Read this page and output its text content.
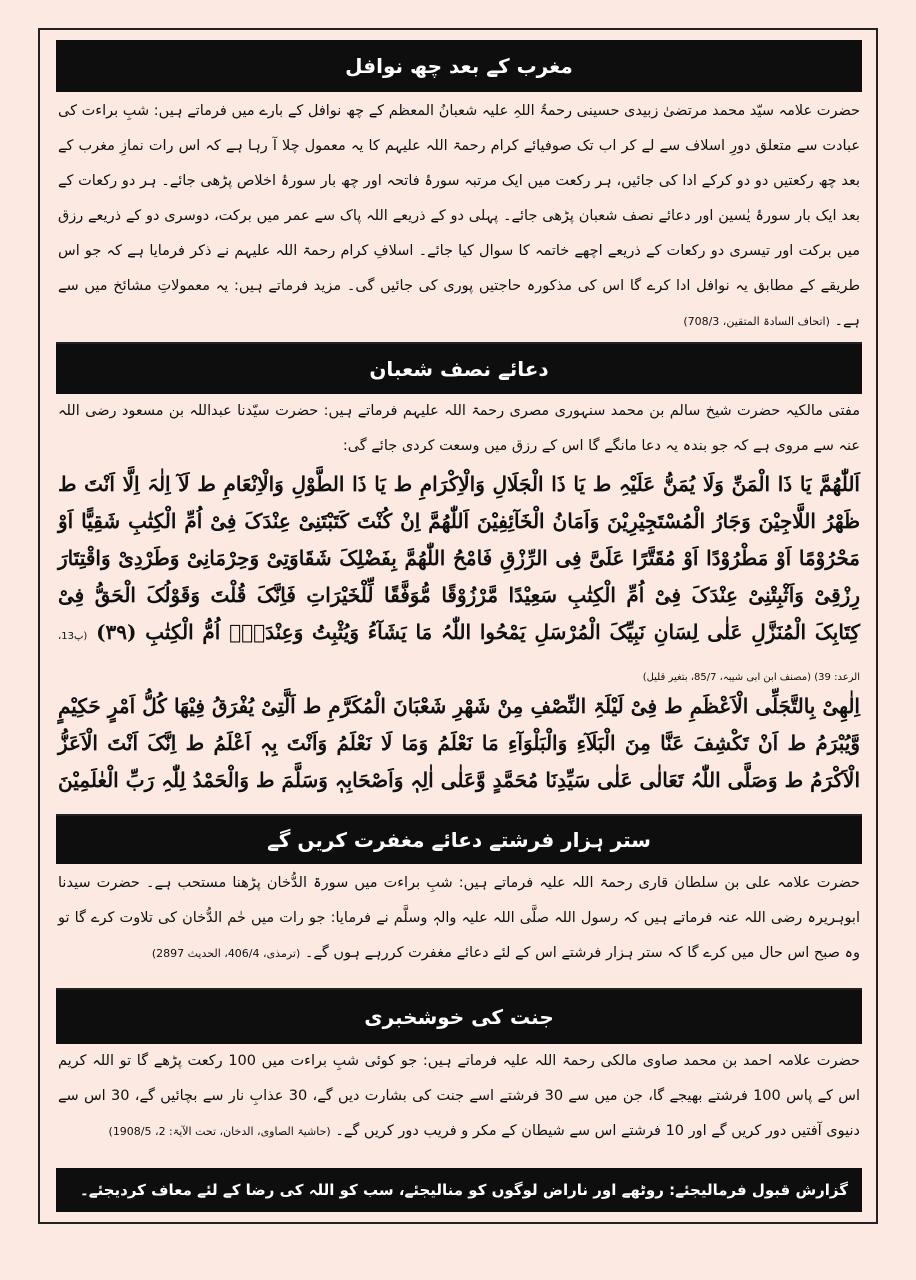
مغرب کے بعد چھ نوافل

حضرت علامہ سیّد محمد مرتضیٰ زبیدی حسینی رحمۃُ اللہِ علیہ شعبانُ المعظم کے چھ نوافل کے بارے میں فرماتے ہیں: شبِ براءت کی عبادت سے متعلق دورِ اسلاف سے لے کر اب تک صوفیائے کرام رحمۃ اللہ علیہم کا یہ معمول چلا آ رہا ہے کہ اس رات نمازِ مغرب کے بعد چھ رکعتیں دو دو کرکے ادا کی جائیں، ہر رکعت میں ایک مرتبہ سورۂ فاتحہ اور چھ بار سورۂ اخلاص پڑھی جائے۔ ہر دو رکعات کے بعد ایک بار سورۂ یٰسین اور دعائے نصف شعبان پڑھی جائے۔ پہلی دو کے ذریعے اللہ پاک سے عمر میں برکت، دوسری دو کے ذریعے رزق میں برکت اور تیسری دو رکعات کے ذریعے اچھے خاتمہ کا سوال کیا جائے۔ اسلافِ کرام رحمۃ اللہ علیہم نے ذکر فرمایا ہے کہ جو اس طریقے کے مطابق یہ نوافل ادا کرے گا اس کی مذکورہ حاجتیں پوری کی جائیں گی۔ مزید فرماتے ہیں: یہ معمولاتِ مشائخ میں سے ہے۔ (اتحاف السادۃ المتقین، 708/3)

دعائے نصف شعبان

مفتی مالکیہ حضرت شیخ سالم بن محمد سنہوری مصری رحمۃ اللہ علیہم فرماتے ہیں: حضرت سیّدنا عبداللہ بن مسعود رضی اللہ عنہ سے مروی ہے کہ جو بندہ یہ دعا مانگے گا اس کے رزق میں وسعت کردی جائے گی:

اَللّٰھُمَّ یَا ذَا الْمَنِّ وَلَا یُمَنُّ عَلَیْہِ ط یَا ذَا الْجَلَالِ وَالْاِکْرَامِ ط یَا ذَا الطَّوْلِ وَالْاِنْعَامِ ط لَآ اِلٰہَ اِلَّا اَنْتَ ط ظَھْرُ اللَّاجِیْنَ وَجَارُ الْمُسْتَجِیْرِیْنَ وَاَمَانُ الْخَآئِفِیْنَ اَللّٰھُمَّ اِنْ کُنْتَ کَتَبْتَنِیْ عِنْدَکَ فِیْ اُمِّ الْکِتٰبِ شَقِیًّا اَوْ مَحْرُوْمًا اَوْ مَطْرُوْدًا اَوْ مُقَتَّرًا عَلَیَّ فِی الرِّزْقِ فَامْحُ اللّٰھُمَّ بِفَضْلِکَ شَقَاوَتِیْ وَحِرْمَانِیْ وَطَرْدِیْ وَاقْتِتَارَ رِزْقِیْ وَاَثْبِتْنِیْ عِنْدَکَ فِیْ اُمِّ الْکِتٰبِ سَعِیْدًا مَّرْزُوْقًا مُّوَفَّقًا لِّلْخَیْرَاتِ فَاِنَّکَ قُلْتَ وَقَوْلُکَ الْحَقُّ فِیْ کِتَابِکَ الْمُنَزَّلِ عَلٰی لِسَانِ نَبِیِّکَ الْمُرْسَلِ یَمْحُوا اللّٰہُ مَا یَشَآءُ وَیُثْبِتُ وَعِنْدَہٗٓ اُمُّ الْکِتٰبِ (۳۹) (پ13، الرعد: 39) (مصنف ابن ابی شیبہ، 85/7، بتغیر قلیل)

اِلٰھِیْ بِالتَّجَلِّی الْاَعْظَمِ ط فِیْ لَیْلَۃِ النِّصْفِ مِنْ شَھْرِ شَعْبَانَ الْمُکَرَّمِ ط اَلَّتِیْ یُفْرَقُ فِیْھَا کُلُّ اَمْرٍ حَکِیْمٍ وَّیُبْرَمُ ط اَنْ تَکْشِفَ عَنَّا مِنَ الْبَلَآءِ وَالْبَلْوَآءِ مَا نَعْلَمُ وَمَا لَا نَعْلَمُ وَاَنْتَ بِہٖ اَعْلَمُ ط اِنَّکَ اَنْتَ الْاَعَزُّ الْاَکْرَمُ ط وَصَلَّی اللّٰہُ تَعَالٰی عَلٰی سَیِّدِنَا مُحَمَّدٍ وَّعَلٰی اٰلِہٖ وَاَصْحَابِہٖ وَسَلَّمَ ط وَالْحَمْدُ لِلّٰہِ رَبِّ الْعٰلَمِیْنَ

ستر ہزار فرشتے دعائے مغفرت کریں گے

حضرت علامہ علی بن سلطان قاری رحمۃ اللہ علیہ فرماتے ہیں: شبِ براءت میں سورۃ الدُّخان پڑھنا مستحب ہے۔ حضرت سیدنا ابوہریرہ رضی اللہ عنہ فرماتے ہیں کہ رسول اللہ صلَّی اللہ علیہ والہٖ وسلَّم نے فرمایا: جو رات میں حٰم الدُّخان کی تلاوت کرے گا تو وہ صبح اس حال میں کرے گا کہ ستر ہزار فرشتے اس کے لئے دعائے مغفرت کررہے ہوں گے۔ (ترمذی، 406/4، الحدیث 2897)

جنت کی خوشخبری

حضرت علامہ احمد بن محمد صاوی مالکی رحمۃ اللہ علیہ فرماتے ہیں: جو کوئی شبِ براءت میں 100 رکعت پڑھے گا تو اللہ کریم اس کے پاس 100 فرشتے بھیجے گا، جن میں سے 30 فرشتے اسے جنت کی بشارت دیں گے، 30 عذابِ نار سے بچائیں گے، 30 اس سے دنیوی آفتیں دور کریں گے اور 10 فرشتے اس سے شیطان کے مکر و فریب دور کریں گے۔ (حاشیۃ الصاوی، الدخان، تحت الآیۃ: 2، 1908/5)

گزارش قبول فرمالیجئے: روٹھے اور ناراض لوگوں کو منالیجئے، سب کو اللہ کی رضا کے لئے معاف کردیجئے۔
